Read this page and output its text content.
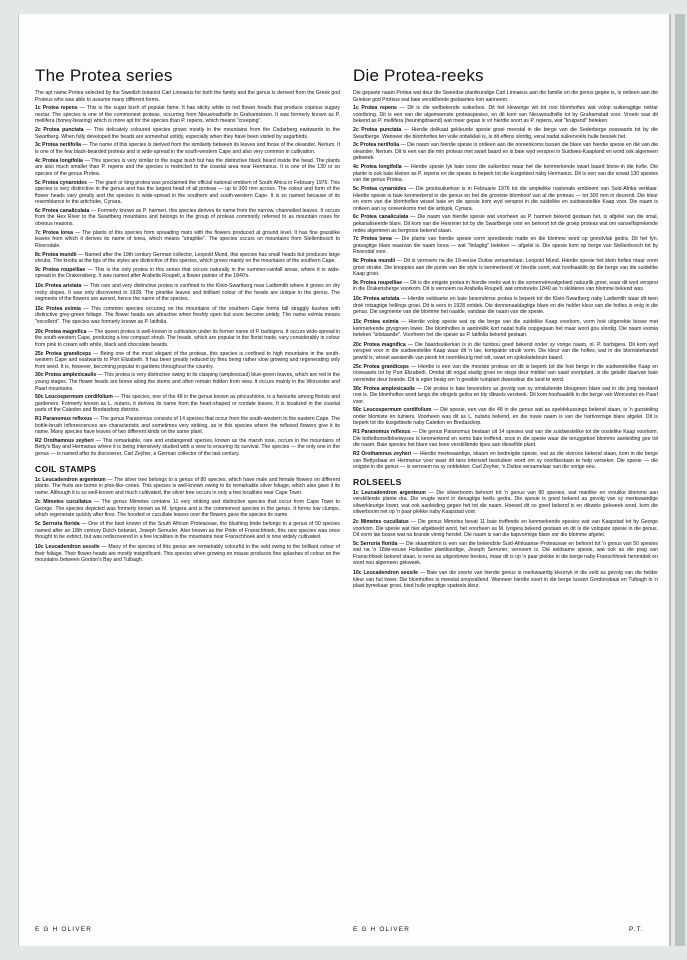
The Protea series
The apt name Protea selected by the Swedish botanist Carl Linnaeus for both the family and the genus is derived from the Greek god Proteus who was able to assume many different forms.
1c Protea repens — This is the sugar bush of popular fame. It has sticky white to red flower heads that produce copious sugary nectar. The species is one of the commonest proteas, occurring from Nieuwoudtville to Grahamstown. It was formerly known as P. mellifera (honey-bearing) which is more apt for the species than P. repens, which means "creeping".
2c Protea punctata — This delicately coloured species grows mostly in the mountains from the Cedarberg eastwards to the Swartberg. When fully developed the heads are somewhat untidy, especially when they have been visited by sugarbirds.
3c Protea neriifolia — The name of this species is derived from the similarity between its leaves and those of the oleander, Nerium. It is one of the few black-bearded proteas and is wide-spread in the south-western Cape and also very common in cultivation.
4c Protea longifolia — This species is very similar to the sugar bush but has the distinctive black beard inside the head. The plants are also much smaller than P. repens and the species is restricted to the coastal area near Hermanus. It is one of the 130 or so species of the genus Protea.
5c Protea cynaroides — The giant or king protea was proclaimed the official national emblem of South Africa in February 1976. This species is very distinctive in the genus and has the largest head of all proteas — up to 300 mm across. The colour and form of the flower heads vary greatly and the species is wide-spread in the southern and south-western Cape. It is so named because of its resemblance to the artichoke, Cynara.
6c Protea canaliculata — Formerly known as P. harmeri, this species derives its name from the narrow, channelled leaves. It occurs from the Hex River to the Swartberg mountains and belongs to the group of proteas commonly referred to as mountain roses for obvious reasons.
7c Protea lorea — The plants of this species form spreading mats with the flowers produced at ground level. It has fine grasslike leaves from which it derives its name of lorea, which means "straplike". The species occurs on mountains from Stellenbosch to Riversdale.
8c Protea mundii — Named after the 19th century German collector, Leopold Mund, this species has small heads but produces large shrubs. The knobs at the tips of the styles are distinctive of this species, which grows mainly on the mountains of the southern Cape.
9c Protea roupelliae — This is the only protea in this series that occurs naturally in the summer-rainfall areas, where it is wide-spread in the Drakensberg. It was named after Arabella Roupell, a flower painter of the 1840's.
10c Protea aristata — This rare and very distinctive protea is confined to the Klein-Swartberg near Ladismith where it grows on dry rocky slopes. It was only discovered in 1928. The pinelike leaves and brilliant colour of the heads are unique in the genus. The segments of the flowers are awned, hence the name of the species.
15c Protea eximia — This common species occuring on the mountains of the southern Cape forms tall straggly bushes with distinctive grey-green foliage. The flower heads are attractive when freshly open but soon become untidy. The name eximia means "excellent". The species was formerly known as P. latifolia.
20c Protea magnifica — The queen protea is well-known in cultivation under its former name of P. barbigera. It occurs wide-spread in the south-western Cape, producing a low compact shrub. The heads, which are popular in the florist trade, vary considerably in colour from pink to cream with white, black and chocolate beards.
25c Protea grandiceps — Being one of the most elegant of the proteas, this species is confined to high mountains in the south-western Cape and eastwards to Port Elizabeth. It has been greatly reduced by fires being rather slow growing and regenerating only from seed. It is, however, becoming popular in gardens throughout the country.
30c Protea amplexicaulis — This protea is very distinctive owing to its clasping (amplexicaul) blue-green leaves, which are red in the young stages. The flower heads are borne along the stems and often remain hidden from view. It occurs mainly in the Worcester and Paarl mountains.
50c Leucospermum cordifolium — This species, one of the 48 in the genus known as pincushions, is a favourite among florists and gardeners. Formerly known as L. nutans, it derives its name from the heart-shaped or cordate leaves. It is localized in the coastal parts of the Caledon and Bredasdorp districts.
R1 Paranomus reflexus — The genus Paranomus consists of 14 species that occur from the south-western to the eastern Cape. The bottle-brush inflorescences are characteristic and sometimes very striking, as in this species where the reflexed flowers give it its name. Many species have leaves of two different kinds on the same plant.
R2 Orothamnus zeyheri — This remarkable, rare and endangered species, known as the marsh rose, occurs in the mountains of Betty's Bay and Hermanus where it is being intensively studied with a view to ensuring its survival. The species — the only one in the genus — is named after its discoverer, Carl Zeyher, a German collector of the last century.
COIL STAMPS
1c Leucadendron argenteum — The silver tree belongs to a genus of 80 species, which have male and female flowers on different plants. The fruits are borne in pine-like cones. This species is well-known owing to its remarkable silver foliage, which also gave it its name. Although it is so well-known and much cultivated, the silver tree occurs in only a few localities near Cape Town.
2c Mimetes cucullatus — The genus Mimetes contains 11 very striking and distinctive species that occur from Cape Town to George. The species depicted was formerly known as M. lyrigera and is the commonest species in the genus. It forms low clumps, which regenerate quickly after fires. The hooded or cucullate leaves over the flowers gave the species its name.
5c Serruria florida — One of the best known of the South African Proteaceae, the blushing bride belongs to a genus of 50 species named after an 18th century Dutch botanist, Joseph Serrurier. Also known as the Pride of Franschhoek, this rare species was once thought to be extinct, but was rediscovered in a few localities in the mountains near Franschhoek and is now widely cultivated.
10c Leucadendron sessile — Many of the species of this genus are remarkably colourful in the veld owing to the brilliant colour of their foliage. Their flower-heads are mostly insignificant. This species when growing en masse produces fine splashes of colour on the mountains between Gordon's Bay and Tulbagh.
Die Protea-reeks
Die gepaste naam Protea wat deur die Sweedse plantkundige Carl Linnaeus aan die familie en die genus gegee is, is ontleen aan die Griekse god Proteus wat baie verskillende gedaantes kon aanneem.
1c Protea repens — Dit is die welbekende suikerbos. Dit het klewerige wit tot rooi blomhofies wat volop suikeragtige nektar voortbring. Dit is een van die algemeenste proteaspesies, en dit kom van Nieuwoudtville tot by Grahamstad voor. Vroeër was dit bekend as P. mellifera (heuningdraend) wat meer gepas is vir hierdie soort as P. repens, wat "kruipend" beteken.
2c Protea punctata — Hierdie delikaat gekleurde spesie groei meestal in die berge van die Sederberge ooswaarts tot by die Swartberge. Wanneer die blomhofies ten volle ontwikkel is, is dit effens slordig, veral nadat suikervoëls hulle besoek het.
3c Protea neriifolia — Die naam van hierdie spesie is ontleen aan die ooreenkoms tussen die blare van hierdie spesie en dié van die oleander, Nerium. Dit is een van die min proteas met swart baard en is baie wyd versprei in Suidwes-Kaapland en word ook algemeen gekweek.
4c Protea longifolia — Hierdie spesie lyk baie soos die suikerbos maar het die kenmerkende swart baard binne-in die hofie. Die plante is ook baie kleiner as P. repens en die spesie is beperk tot die kusgebied naby Hermanus. Dit is een van die sowat 130 spesies van die genus Protea.
5c Protea cynaroides — Die grootsuikerkan is in Februarie 1976 tot die amptelike nasionale embleem van Suid-Afrika verklaar. Hierdie spesie is baie kenmerkend in die genus en het die grootste blomhoof van al die proteas — tot 300 mm in deursnit. Die kleur en vorm van die blomhofies wissel baie en die spesie kom wyd versprei in die suidelike en suidwestelike Kaap voor. Die naam is ontleen aan sy ooreenkoms met die artisjok, Cynara.
6c Protea canaliculata — Die naam van hierdie spesie wat voorheen as P. harmeri bekend gestaan het, is afgelei van die smal, gekanaliseerde blare. Dit kom van die Hexrivier tot by die Swartberge voor en behoort tot die groep proteas wat om vanselfsprekende redes algemeen as bergrose bekend staan.
7c Protea lorea — Die plante van hierdie spesie vorm spreidende matte en die blomme word op grondvlak gedra. Dit het fyn, grasagtige blare waarvan die naam lorea — wat "lintagtig" beteken — afgelei is. Die spesie kom op berge van Stellenbosch tot by Riversdal voor.
8c Protea mundii — Dit is vernoem na die 19-eeuse Duitse versamelaar, Leopold Mund. Hierdie spesie het klein hofies maar vorm groot struike. Die knoppies aan die punte van die style is kenmerkend vir hierdie soort, wat hoofsaaklik op die berge van die suidelike Kaap groei.
9c Protea roupelliae — Dit is die enigste protea in hierdie reeks wat in die somerreënvalgebied natuurlik groei, waar dit wyd versprei in die Drakensberge voorkom. Dit is vernoem na Arabella Roupell, wat omstreeks 1840 as 'n skilderes van blomme bekend was.
10c Protea aristata — Hierdie seldsame en baie besonderse protea is beperk tot die Klein-Swartberg naby Ladismith waar dit teen droë rotsagtige hellings groei. Dit is eers in 1928 ontdek. Die dennenaaldagtige blare en die helder kleur van die hofies is enig in die genus. Die segmente van die blomme het naalde, vandaar die naam van die spesie.
15c Protea eximia — Hierdie volop spesie wat op die berge van die suidelike Kaap voorkom, vorm hoë uitgerekte bosse met kenmerkende grysgroen lower. Die blomhofies is aantreklik kort nadat hulle oopgegaan het maar word gou slordig. Die naam eximia beteken "uitstaande". Voorheen het die spesie as P. latifolia bekend gestaan.
20c Protea magnifica — Die baardsuikerkan is in die tuinbou goed bekend onder sy vorige naam, nl. P. barbigera. Dit kom wyd versprei voor in die suidwestelike Kaap waar dit 'n lae, kompakte struik vorm. Die kleur van die hofies, wat in die blomistehandel gewild is, wissel aansienlik van pienk tot roomkleurig met wit, swart en sjokoladebruin baard.
25c Protea grandiceps — Hierdie is een van die mooiste proteas en dit is beperk tot die hoë berge in die suidwestelike Kaap en ooswaarts tot by Port Elizabeth. Omdat dit nogal stadig groei en slegs deur middel van saad voortplant, is die getalle daarvan baie verminder deur brande. Dit is egter besig om 'n gewilde tuinplant dwarsdeur die land te word.
30c Protea amplexicaulis — Dié protea is baie besonders as gevolg van sy omsluitende blougroen blare wat in die jong toestand rooi is. Die blomhofies word langs die stingels gedra en bly dikwels versteek. Dit kom hoofsaaklik in die berge van Worcester en Paarl voor.
50c Leucospermum cordifolium — Dié spesie, een van die 48 in die genus wat as speldekussings bekend staan, is 'n gunsteling onder blomiste en tuiniers. Voorheen was dit as L. nutans bekend, en die nuwe naam is van die hartvormige blare afgelei. Dit is beperk tot die kusgebiede naby Caledon en Bredasdorp.
R1 Paranomus reflexus — Die genus Paranomus bestaan uit 14 spesies wat van die suidwestelike tot die oostelike Kaap voorkom. Die bottelborselbloeiwyses is kenmerkend en soms baie treffend, soos in die spesie waar die teruggeboë blomme aanleiding gee tot die naam. Baie spesies het blare van twee verskillende tipes aan dieselfde plant.
R2 Orothamnus zeyheri — Hierdie merkwaardige, skaars en bedreigde spesie, wat as die vleiroos bekend staan, kom in die berge van Bettysbaai en Hermanus voor waar dit tans intensief bestudeer word om sy voortbestaan te help verseker. Die spesie — die enigste in die genus — is vernoem na sy ontdekker, Carl Zeyher, 'n Duitse versamelaar van die vorige eeu.
ROLSEELS
1c Leucadendron argenteum — Die silwerboom behoort tot 'n genus van 80 spesies, wat manlike en vroulike blomme aan verskillende plante dra. Die vrugte word in denagtige keëls gedra. Die spesie is goed bekend as gevolg van sy merkwaardige silwerkleurige lower, wat ook aanleiding gegee het tot die naam. Hoewel dit so goed bekend is en dikwels gekweek word, kom die silwerboom net op 'n paar plekke naby Kaapstad voor.
2c Mimetes cucullatus — Die genus Mimetes bevat 11 baie treffende en kenmerkende spesies wat van Kaapstad tot by George voorkom. Die spesie wat hier afgebeeld word, het voorheen as M. lyrigera bekend gestaan en dit is die volopste spesie in die genus. Dit vorm lae bosse wat na brande vinnig herstel. Die naam is van die kapvormige blare oor die blomme afgelei.
5c Serruria florida — Die skaamblom is een van die bekendste Suid-Afrikaanse Proteaceae en behoort tot 'n genus van 50 spesies wat na 'n 18de-eeuse Hollandse plantkundige, Joseph Serrurier, vernoem is. Dié seldsame spesie, wat ook as die prag van Franschhoek bekend staan, is eens as uitgestorwe beskou, maar dit is op 'n paar plekke in die berge naby Franschhoek herontdek en word nou algemeen gekweek.
10c Leucadendron sessile — Baie van die soorte van hierdie genus is merkwaardig kleurryk in die veld as gevolg van die helder kleur van hul lower. Die blomhofies is meestal onopvallend. Wanneer hierdie soort in die berge tussen Gordonsbaai en Tulbagh in 'n plaat bymekaar groei, bied hulle pragtige spatsels kleur.
E G H OLIVER	E G H OLIVER	P.T.
